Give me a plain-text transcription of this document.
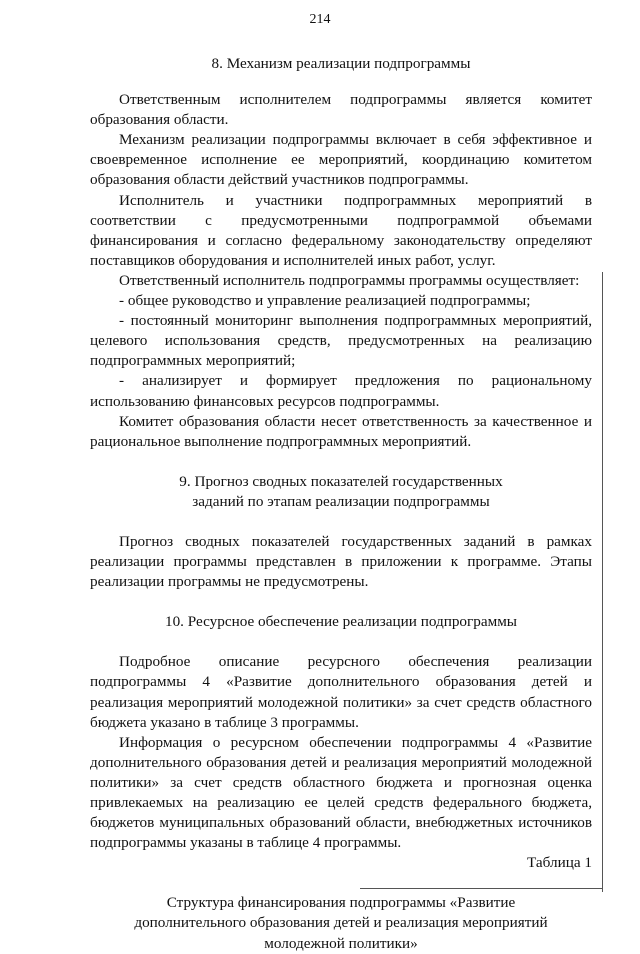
214
8. Механизм реализации подпрограммы

Ответственным исполнителем подпрограммы является комитет образования области.

Механизм реализации подпрограммы включает в себя эффективное и своевременное исполнение ее мероприятий, координацию комитетом образования области действий участников подпрограммы.

Исполнитель и участники подпрограммных мероприятий в соответствии с предусмотренными подпрограммой объемами финансирования и согласно федеральному законодательству определяют поставщиков оборудования и исполнителей иных работ, услуг.

Ответственный исполнитель подпрограммы программы осуществляет:

- общее руководство и управление реализацией подпрограммы;

- постоянный мониторинг выполнения подпрограммных мероприятий, целевого использования средств, предусмотренных на реализацию подпрограммных мероприятий;

- анализирует и формирует предложения по рациональному использованию финансовых ресурсов подпрограммы.

Комитет образования области несет ответственность за качественное и рациональное выполнение подпрограммных мероприятий.

9. Прогноз сводных показателей государственных
заданий по этапам реализации подпрограммы

Прогноз сводных показателей государственных заданий в рамках реализации программы представлен в приложении к программе. Этапы реализации программы не предусмотрены.

10. Ресурсное обеспечение реализации подпрограммы

Подробное описание ресурсного обеспечения реализации подпрограммы 4 «Развитие дополнительного образования детей и реализация мероприятий молодежной политики» за счет средств областного бюджета указано в таблице 3 программы.

Информация о ресурсном обеспечении подпрограммы 4 «Развитие дополнительного образования детей и реализация мероприятий молодежной политики» за счет средств областного бюджета и прогнозная оценка привлекаемых на реализацию ее целей средств федерального бюджета, бюджетов муниципальных образований области, внебюджетных источников подпрограммы указаны в таблице 4 программы.

Таблица 1

Структура финансирования подпрограммы «Развитие
дополнительного образования детей и реализация мероприятий
молодежной политики»
